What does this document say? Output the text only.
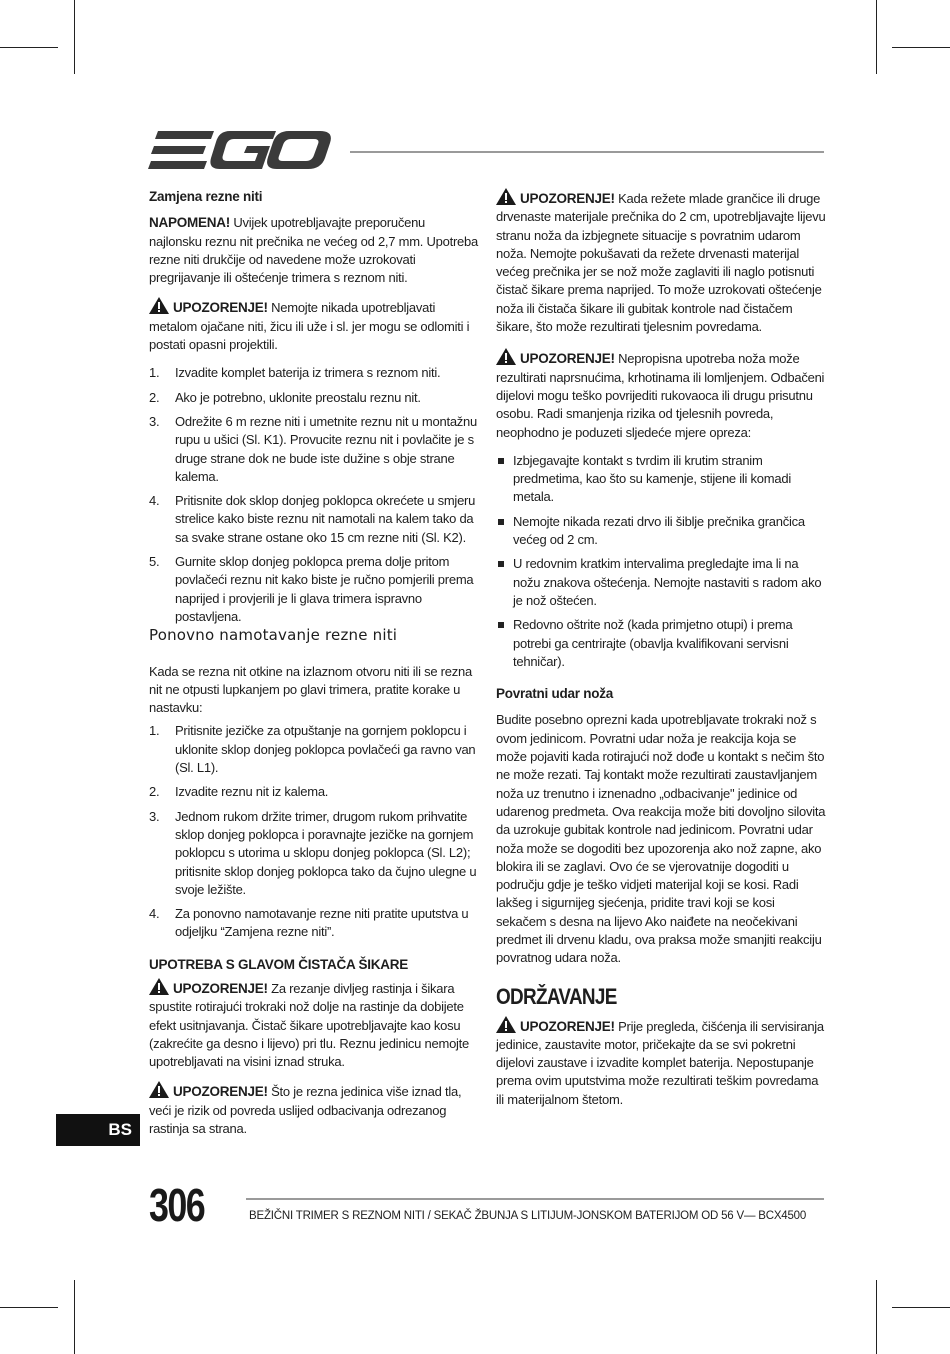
Zamjena rezne niti

NAPOMENA! Uvijek upotrebljavajte preporučenu najlonsku reznu nit prečnika ne većeg od 2,7 mm. Upotreba rezne niti drukčije od navedene može uzrokovati pregrijavanje ili oštećenje trimera s reznom niti.

UPOZORENJE! Nemojte nikada upotrebljavati metalom ojačane niti, žicu ili uže i sl. jer mogu se odlomiti i postati opasni projektili.

1. Izvadite komplet baterija iz trimera s reznom niti.
2. Ako je potrebno, uklonite preostalu reznu nit.
3. Odrežite 6 m rezne niti i umetnite reznu nit u montažnu rupu u ušici (Sl. K1). Provucite reznu nit i povlačite je s druge strane dok ne bude iste dužine s obje strane kalema.
4. Pritisnite dok sklop donjeg poklopca okrećete u smjeru strelice kako biste reznu nit namotali na kalem tako da sa svake strane ostane oko 15 cm rezne niti (Sl. K2).
5. Gurnite sklop donjeg poklopca prema dolje pritom povlačeći reznu nit kako biste je ručno pomjerili prema naprijed i provjerili je li glava trimera ispravno postavljena.
Ponovno namotavanje rezne niti

Kada se rezna nit otkine na izlaznom otvoru niti ili se rezna nit ne otpusti lupkanjem po glavi trimera, pratite korake u nastavku:

1. Pritisnite jezičke za otpuštanje na gornjem poklopcu i uklonite sklop donjeg poklopca povlačeći ga ravno van (Sl. L1).
2. Izvadite reznu nit iz kalema.
3. Jednom rukom držite trimer, drugom rukom prihvatite sklop donjeg poklopca i poravnajte jezičke na gornjem poklopcu s utorima u sklopu donjeg poklopca (Sl. L2); pritisnite sklop donjeg poklopca tako da čujno ulegne u svoje ležište.
4. Za ponovno namotavanje rezne niti pratite uputstva u odjeljku “Zamjena rezne niti”.
UPOTREBA S GLAVOM ČISTAČA ŠIKARE

UPOZORENJE! Za rezanje divljeg rastinja i šikara spustite rotirajući trokraki nož dolje na rastinje da dobijete efekt usitnjavanja. Čistač šikare upotrebljavajte kao kosu (zakrećite ga desno i lijevo) pri tlu. Reznu jedinicu nemojte upotrebljavati na visini iznad struka.

UPOZORENJE! Što je rezna jedinica više iznad tla, veći je rizik od povreda uslijed odbacivanja odrezanog rastinja sa strana.

UPOZORENJE! Kada režete mlade grančice ili druge drvenaste materijale prečnika do 2 cm, upotrebljavajte lijevu stranu noža da izbjegnete situacije s povratnim udarom noža. Nemojte pokušavati da režete drvenasti materijal većeg prečnika jer se nož može zaglaviti ili naglo potisnuti čistač šikare prema naprijed. To može uzrokovati oštećenje noža ili čistača šikare ili gubitak kontrole nad čistačem šikare, što može rezultirati tjelesnim povredama.

UPOZORENJE! Nepropisna upotreba noža može rezultirati naprsnućima, krhotinama ili lomljenjem. Odbačeni dijelovi mogu teško povrijediti rukovaoca ili drugu prisutnu osobu. Radi smanjenja rizika od tjelesnih povreda, neophodno je poduzeti sljedeće mjere opreza:

Izbjegavajte kontakt s tvrdim ili krutim stranim predmetima, kao što su kamenje, stijene ili komadi metala.
Nemojte nikada rezati drvo ili šiblje prečnika grančica većeg od 2 cm.
U redovnim kratkim intervalima pregledajte ima li na nožu znakova oštećenja. Nemojte nastaviti s radom ako je nož oštećen.
Redovno oštrite nož (kada primjetno otupi) i prema potrebi ga centrirajte (obavlja kvalifikovani servisni tehničar).
Povratni udar noža

Budite posebno oprezni kada upotrebljavate trokraki nož s ovom jedinicom. Povratni udar noža je reakcija koja se može pojaviti kada rotirajući nož dođe u kontakt s nečim što ne može rezati. Taj kontakt može rezultirati zaustavljanjem noža uz trenutno i iznenadno „odbacivanje" jedinice od udarenog predmeta. Ova reakcija može biti dovoljno silovita da uzrokuje gubitak kontrole nad jedinicom. Povratni udar noža može se dogoditi bez upozorenja ako nož zapne, ako blokira ili se zaglavi. Ovo će se vjerovatnije dogoditi u području gdje je teško vidjeti materijal koji se kosi. Radi lakšeg i sigurnijeg sjećenja, pridite travi koji se kosi sekačem s desna na lijevo Ako naiđete na neočekivani predmet ili drvenu kladu, ova praksa može smanjiti reakciju povratnog udara noža.

ODRŽAVANJE

UPOZORENJE! Prije pregleda, čišćenja ili servisiranja jedinice, zaustavite motor, pričekajte da se svi pokretni dijelovi zaustave i izvadite komplet baterija. Nepostupanje prema ovim uputstvima može rezultirati teškim povredama ili materijalnom štetom.

BS
306	BEŽIČNI TRIMER S REZNOM NITI / SEKAČ ŽBUNJA S LITIJUM-JONSKOM BATERIJOM OD 56 V— BCX4500
